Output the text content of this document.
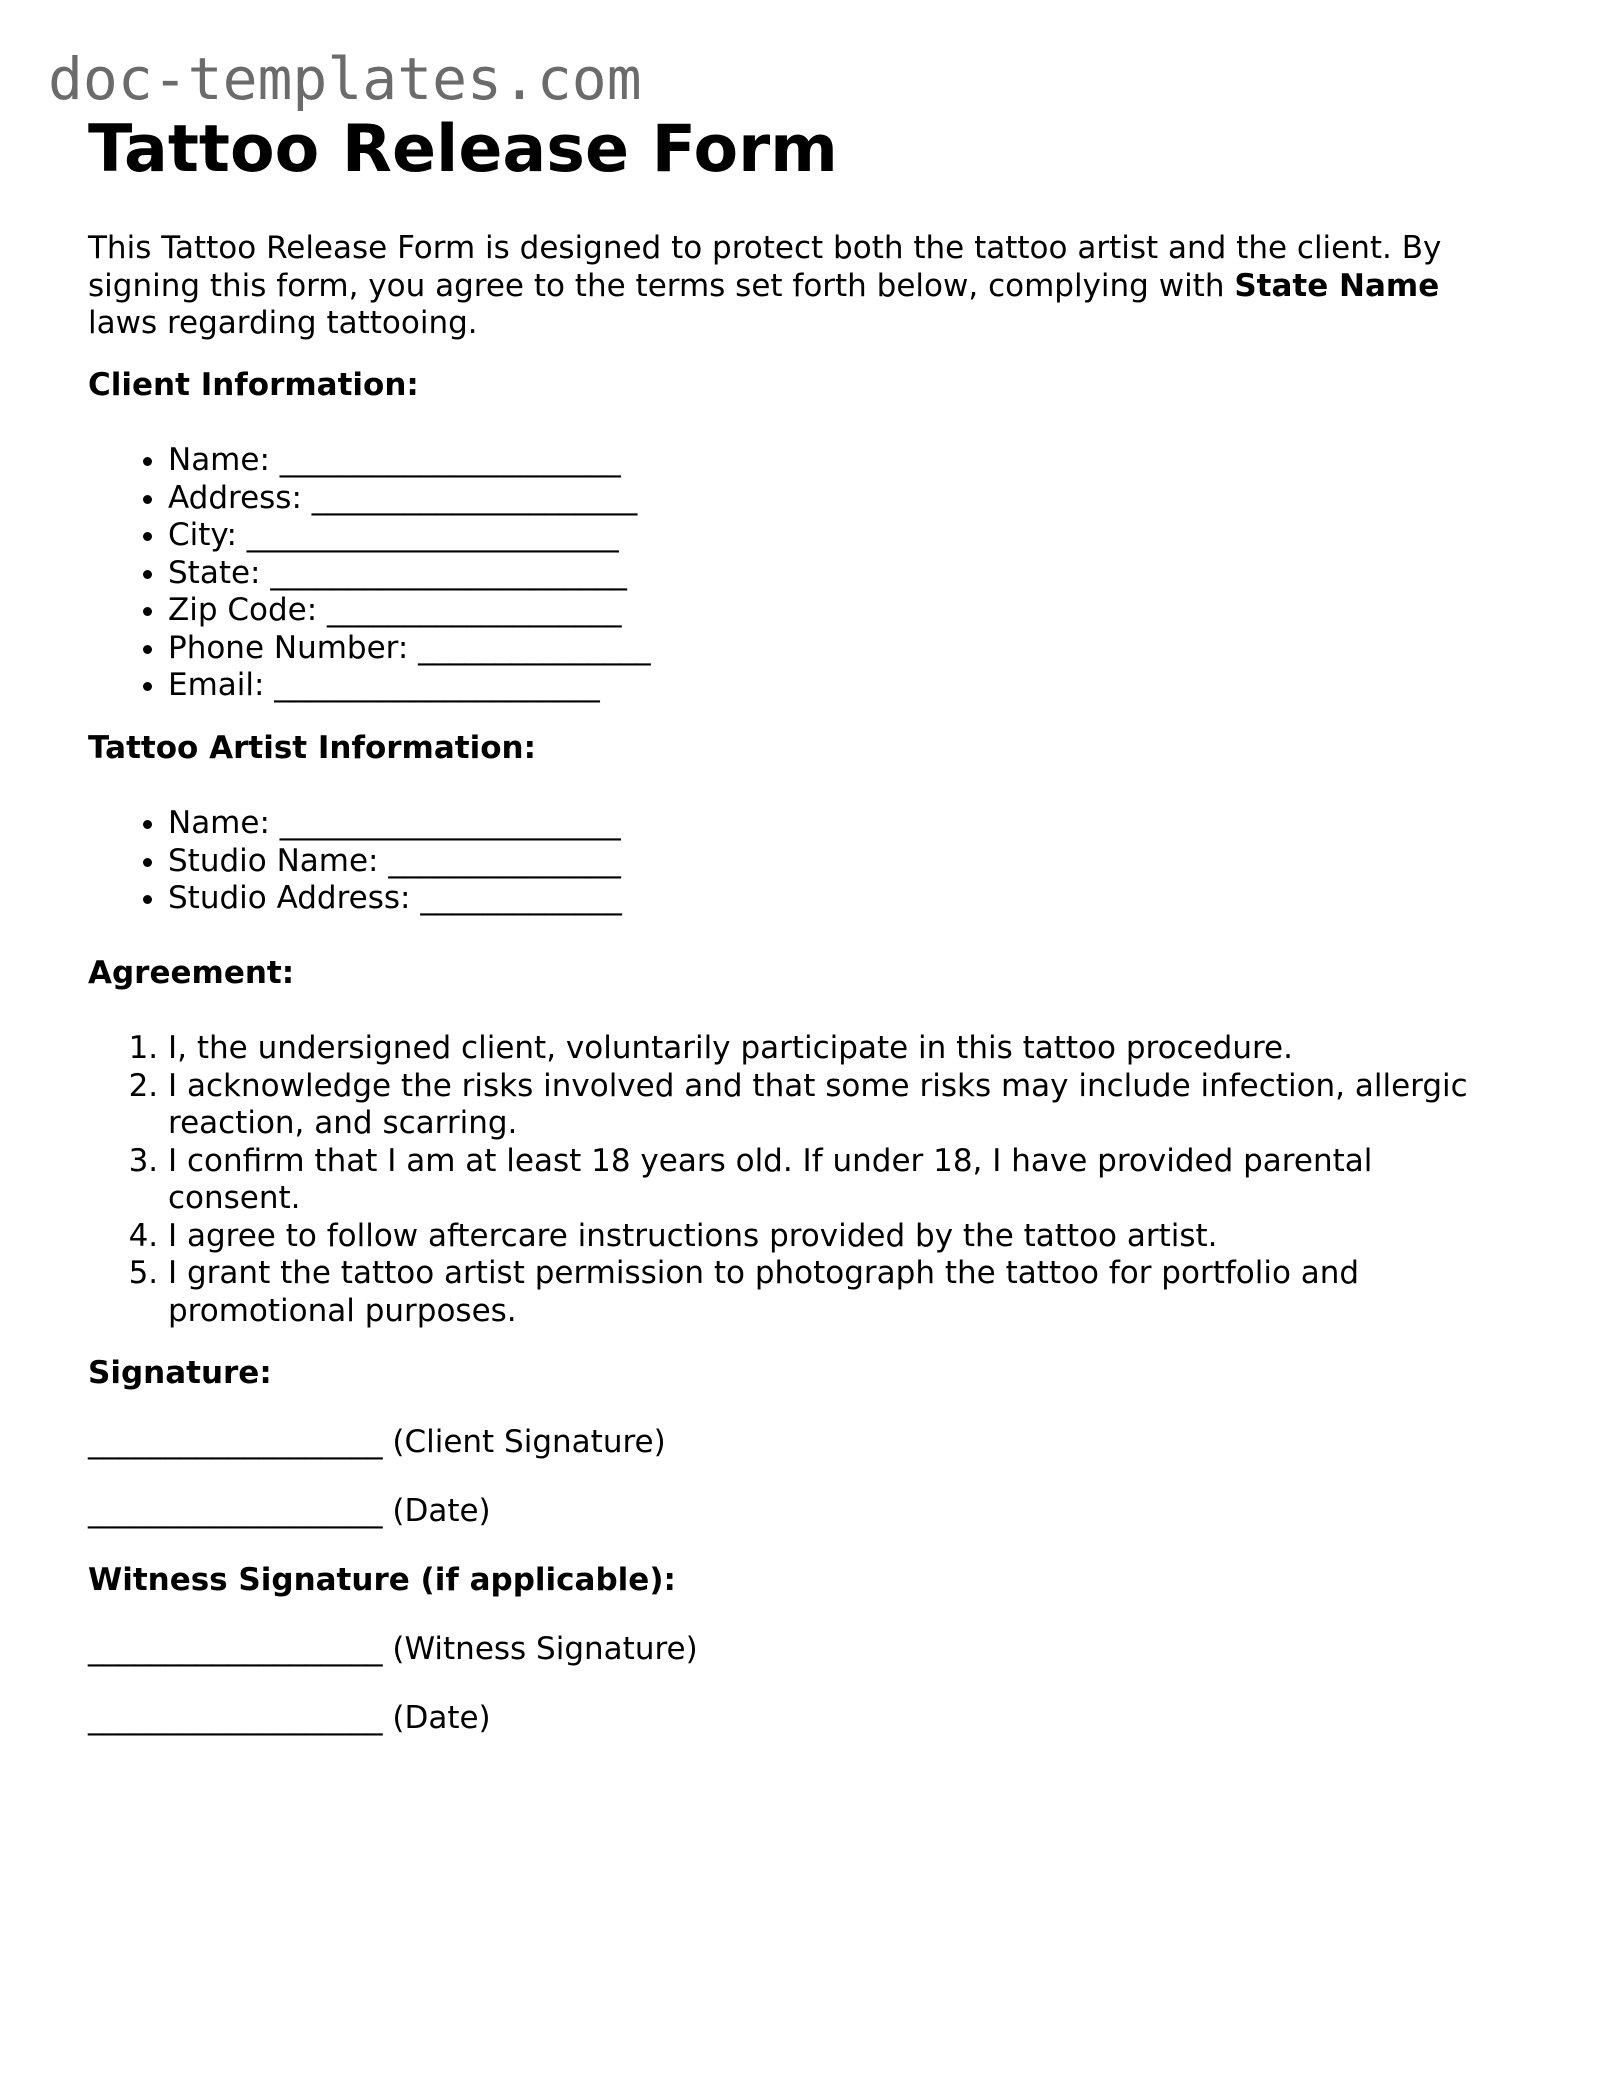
doc-templates.com
Tattoo Release Form

This Tattoo Release Form is designed to protect both the tattoo artist and the client. By signing this form, you agree to the terms set forth below, complying with State Name laws regarding tattooing.

Client Information:

• Name: ______________________
• Address: _____________________
• City: ________________________
• State: _______________________
• Zip Code: ___________________
• Phone Number: _______________
• Email: _____________________

Tattoo Artist Information:

• Name: ______________________
• Studio Name: _______________
• Studio Address: _____________

Agreement:

1. I, the undersigned client, voluntarily participate in this tattoo procedure.
2. I acknowledge the risks involved and that some risks may include infection, allergic reaction, and scarring.
3. I confirm that I am at least 18 years old. If under 18, I have provided parental consent.
4. I agree to follow aftercare instructions provided by the tattoo artist.
5. I grant the tattoo artist permission to photograph the tattoo for portfolio and promotional purposes.

Signature:

___________________ (Client Signature)

___________________ (Date)

Witness Signature (if applicable):

___________________ (Witness Signature)

___________________ (Date)
